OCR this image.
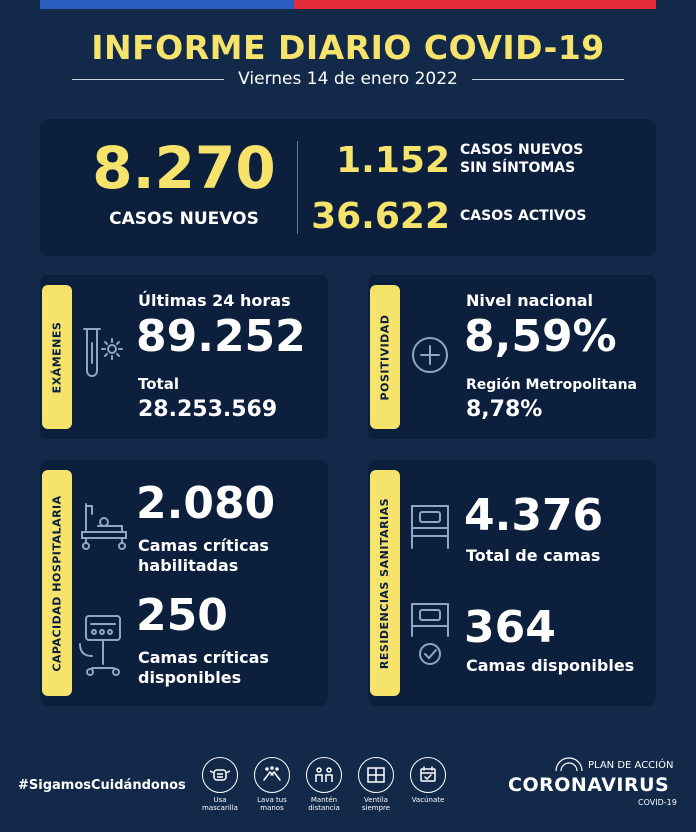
INFORME DIARIO COVID-19
Viernes 14 de enero 2022
8.270
CASOS NUEVOS
1.152 CASOS NUEVOS
SIN SÍNTOMAS
36.622 CASOS ACTIVOS
EXÁMENES
Últimas 24 horas
89.252
Total
28.253.569
POSITIVIDAD
Nivel nacional
8,59%
Región Metropolitana
8,78%
CAPACIDAD HOSPITALARIA 2.080
Camas críticas
habilitadas
250
Camas críticas
disponibles
RESIDENCIAS SANITARIAS 4.376
Total de camas
364
Camas disponibles
#SigamosCuidándonos
Usa
mascarilla
Lava tus
manos
Mantén
distancia
Ventila
siempre
Vacúnate
PLAN DE ACCIÓN
CORONAVIRUS
COVID-19
